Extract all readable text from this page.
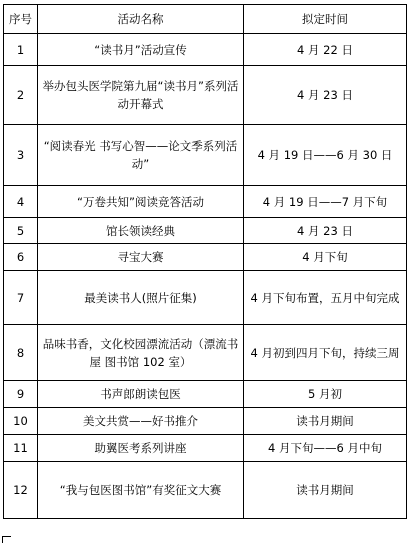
序号	活动名称	拟定时间
1	“读书月”活动宣传	4 月 22 日
2	举办包头医学院第九届“读书月”系列活动开幕式	4 月 23 日
3	“阅读春光 书写心智——论文季系列活动”	4 月 19 日——6 月 30 日
4	“万卷共知”阅读竞答活动	4 月 19 日——7 月下旬
5	馆长领读经典	4 月 23 日
6	寻宝大赛	4 月下旬
7	最美读书人(照片征集)	4 月下旬布置，五月中旬完成
8	品味书香，文化校园漂流活动（漂流书屋 图书馆 102 室）	4 月初到四月下旬，持续三周
9	书声郎朗读包医	5 月初
10	美文共赏——好书推介	读书月期间
11	助翼医考系列讲座	4 月下旬——6 月中旬
12	“我与包医图书馆”有奖征文大赛	读书月期间
